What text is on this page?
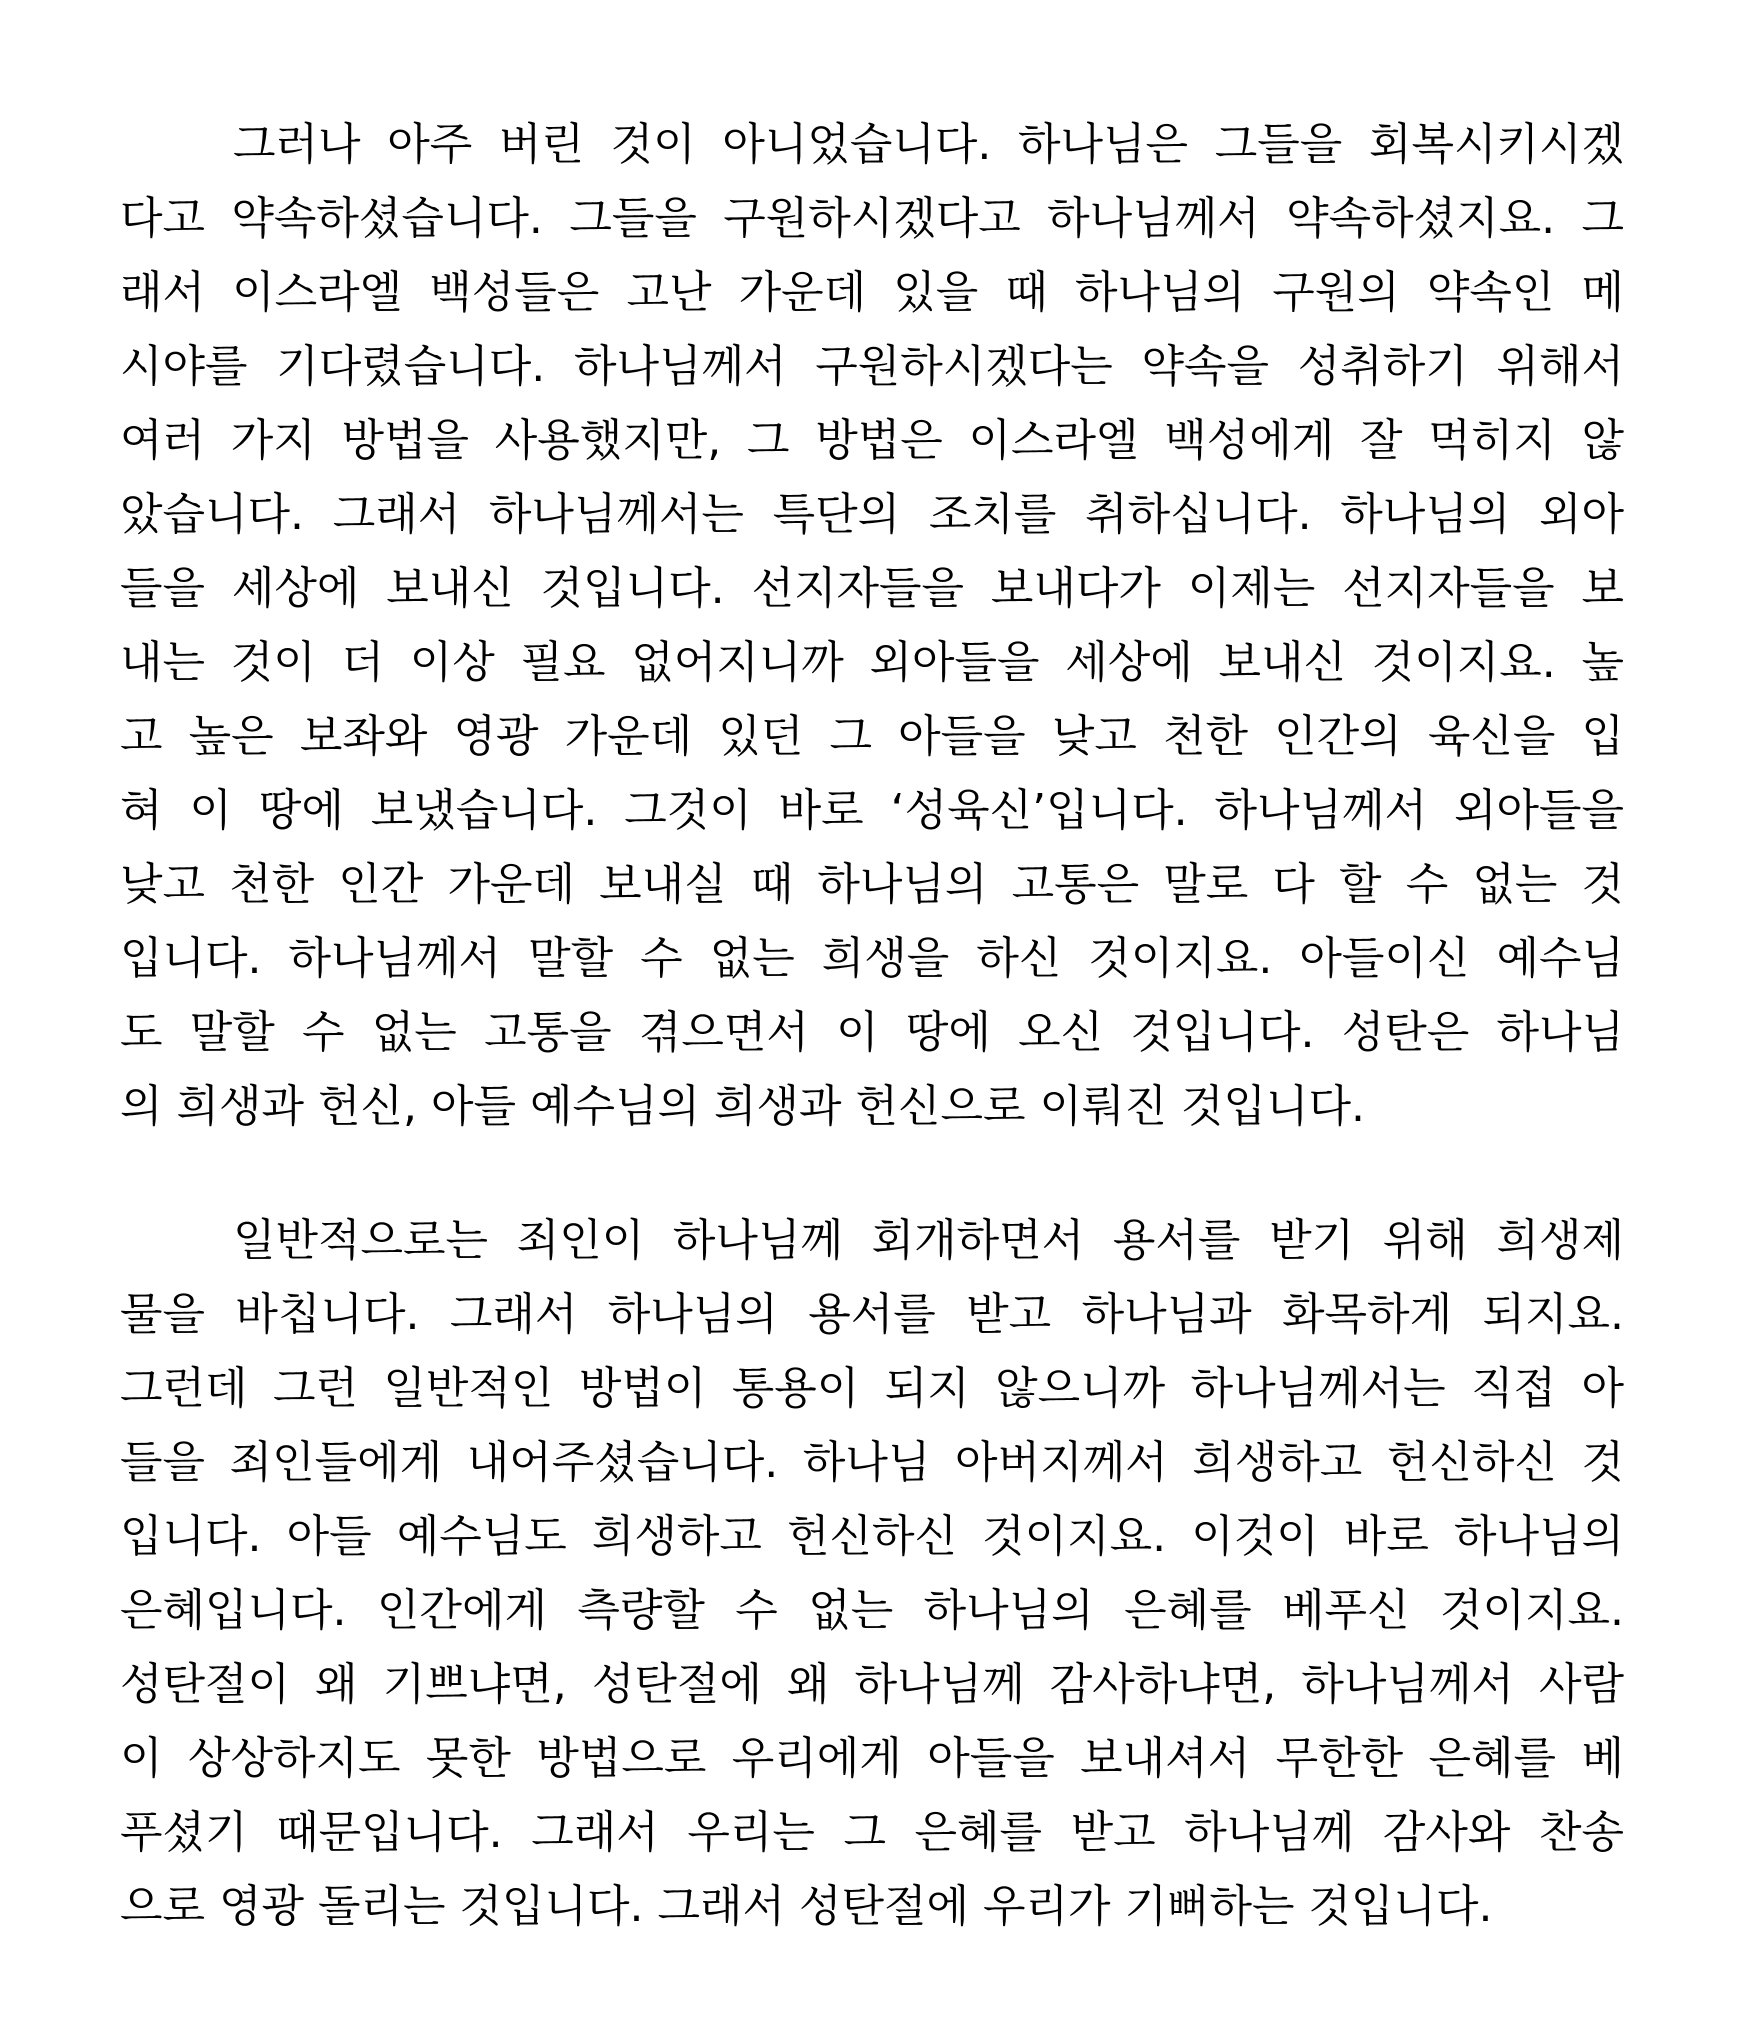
그러나 아주 버린 것이 아니었습니다. 하나님은 그들을 회복시키시겠

다고 약속하셨습니다. 그들을 구원하시겠다고 하나님께서 약속하셨지요. 그

래서 이스라엘 백성들은 고난 가운데 있을 때 하나님의 구원의 약속인 메

시야를 기다렸습니다. 하나님께서 구원하시겠다는 약속을 성취하기 위해서

여러 가지 방법을 사용했지만, 그 방법은 이스라엘 백성에게 잘 먹히지 않

았습니다. 그래서 하나님께서는 특단의 조치를 취하십니다. 하나님의 외아

들을 세상에 보내신 것입니다. 선지자들을 보내다가 이제는 선지자들을 보

내는 것이 더 이상 필요 없어지니까 외아들을 세상에 보내신 것이지요. 높

고 높은 보좌와 영광 가운데 있던 그 아들을 낮고 천한 인간의 육신을 입

혀 이 땅에 보냈습니다. 그것이 바로 ‘성육신’입니다. 하나님께서 외아들을

낮고 천한 인간 가운데 보내실 때 하나님의 고통은 말로 다 할 수 없는 것

입니다. 하나님께서 말할 수 없는 희생을 하신 것이지요. 아들이신 예수님

도 말할 수 없는 고통을 겪으면서 이 땅에 오신 것입니다. 성탄은 하나님

의 희생과 헌신, 아들 예수님의 희생과 헌신으로 이뤄진 것입니다.

일반적으로는 죄인이 하나님께 회개하면서 용서를 받기 위해 희생제

물을 바칩니다. 그래서 하나님의 용서를 받고 하나님과 화목하게 되지요.

그런데 그런 일반적인 방법이 통용이 되지 않으니까 하나님께서는 직접 아

들을 죄인들에게 내어주셨습니다. 하나님 아버지께서 희생하고 헌신하신 것

입니다. 아들 예수님도 희생하고 헌신하신 것이지요. 이것이 바로 하나님의

은혜입니다. 인간에게 측량할 수 없는 하나님의 은혜를 베푸신 것이지요.

성탄절이 왜 기쁘냐면, 성탄절에 왜 하나님께 감사하냐면, 하나님께서 사람

이 상상하지도 못한 방법으로 우리에게 아들을 보내셔서 무한한 은혜를 베

푸셨기 때문입니다. 그래서 우리는 그 은혜를 받고 하나님께 감사와 찬송

으로 영광 돌리는 것입니다. 그래서 성탄절에 우리가 기뻐하는 것입니다.
